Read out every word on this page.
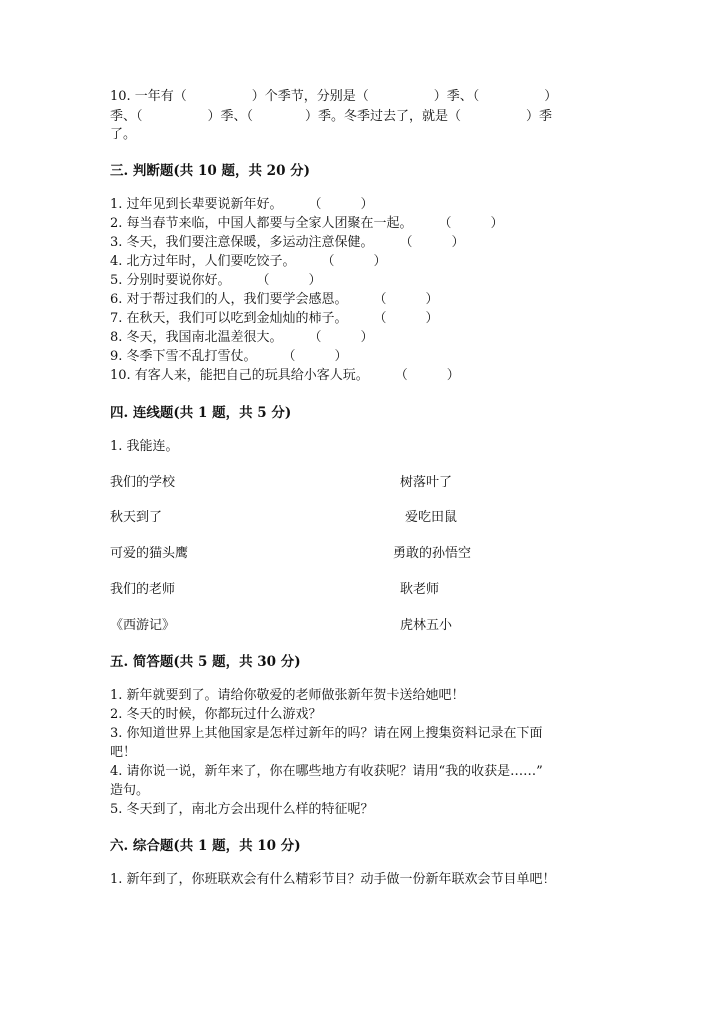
10. 一年有（　　　　　）个季节，分别是（　　　　　）季、（　　　　　）
季、（　　　　　）季、（　　　　）季。冬季过去了，就是（　　　　　）季
了。
三. 判断题(共 10 题，共 20 分)
1. 过年见到长辈要说新年好。　　　（　　　）
2. 每当春节来临，中国人都要与全家人团聚在一起。　　　（　　　）
3. 冬天，我们要注意保暖，多运动注意保健。　　　（　　　）
4. 北方过年时，人们要吃饺子。　　　（　　　）
5. 分别时要说你好。　　　（　　　）
6. 对于帮过我们的人，我们要学会感恩。　　　（　　　）
7. 在秋天，我们可以吃到金灿灿的柿子。　　　（　　　）
8. 冬天，我国南北温差很大。　　　（　　　）
9. 冬季下雪不乱打雪仗。　　　（　　　）
10. 有客人来，能把自己的玩具给小客人玩。　　　（　　　）
四. 连线题(共 1 题，共 5 分)
1. 我能连。
我们的学校
秋天到了
可爱的猫头鹰
我们的老师
《西游记》
树落叶了
爱吃田鼠
勇敢的孙悟空
耿老师
虎林五小
五. 简答题(共 5 题，共 30 分)
1. 新年就要到了。请给你敬爱的老师做张新年贺卡送给她吧！
2. 冬天的时候，你都玩过什么游戏？
3. 你知道世界上其他国家是怎样过新年的吗？请在网上搜集资料记录在下面
吧！
4. 请你说一说，新年来了，你在哪些地方有收获呢？请用“我的收获是……”
造句。
5. 冬天到了，南北方会出现什么样的特征呢？
六. 综合题(共 1 题，共 10 分)
1. 新年到了，你班联欢会有什么精彩节目？动手做一份新年联欢会节目单吧！
